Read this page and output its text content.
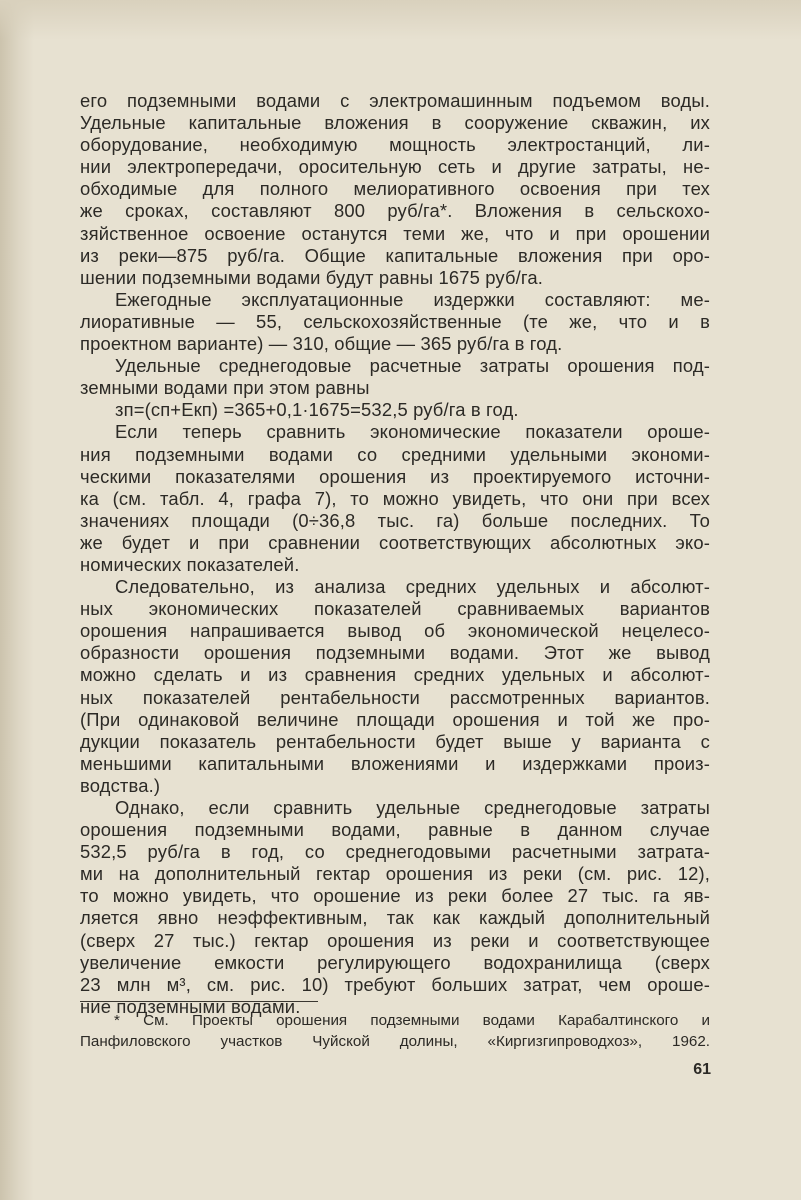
его подземными водами с электромашинным подъемом воды.
Удельные капитальные вложения в сооружение скважин, их
оборудование, необходимую мощность электростанций, ли-
нии электропередачи, оросительную сеть и другие затраты, не-
обходимые для полного мелиоративного освоения при тех
же сроках, составляют 800 руб/га*. Вложения в сельскохо-
зяйственное освоение останутся теми же, что и при орошении
из реки—875 руб/га. Общие капитальные вложения при оро-
шении подземными водами будут равны 1675 руб/га.
Ежегодные эксплуатационные издержки составляют: ме-
лиоративные — 55, сельскохозяйственные (те же, что и в
проектном варианте) — 310, общие — 365 руб/га в год.
Удельные среднегодовые расчетные затраты орошения под-
земными водами при этом равны
зп=(сп+Екп) =365+0,1·1675=532,5 руб/га в год.
Если теперь сравнить экономические показатели ороше-
ния подземными водами со средними удельными экономи-
ческими показателями орошения из проектируемого источни-
ка (см. табл. 4, графа 7), то можно увидеть, что они при всех
значениях площади (0÷36,8 тыс. га) больше последних. То
же будет и при сравнении соответствующих абсолютных эко-
номических показателей.
Следовательно, из анализа средних удельных и абсолют-
ных экономических показателей сравниваемых вариантов
орошения напрашивается вывод об экономической нецелесо-
образности орошения подземными водами. Этот же вывод
можно сделать и из сравнения средних удельных и абсолют-
ных показателей рентабельности рассмотренных вариантов.
(При одинаковой величине площади орошения и той же про-
дукции показатель рентабельности будет выше у варианта с
меньшими капитальными вложениями и издержками произ-
водства.)
Однако, если сравнить удельные среднегодовые затраты
орошения подземными водами, равные в данном случае
532,5 руб/га в год, со среднегодовыми расчетными затрата-
ми на дополнительный гектар орошения из реки (см. рис. 12),
то можно увидеть, что орошение из реки более 27 тыс. га яв-
ляется явно неэффективным, так как каждый дополнительный
(сверх 27 тыс.) гектар орошения из реки и соответствующее
увеличение емкости регулирующего водохранилища (сверх
23 млн м³, см. рис. 10) требуют больших затрат, чем ороше-
ние подземными водами.
* См. Проекты орошения подземными водами Карабалтинского и
Панфиловского участков Чуйской долины, «Киргизгипроводхоз», 1962.
61
